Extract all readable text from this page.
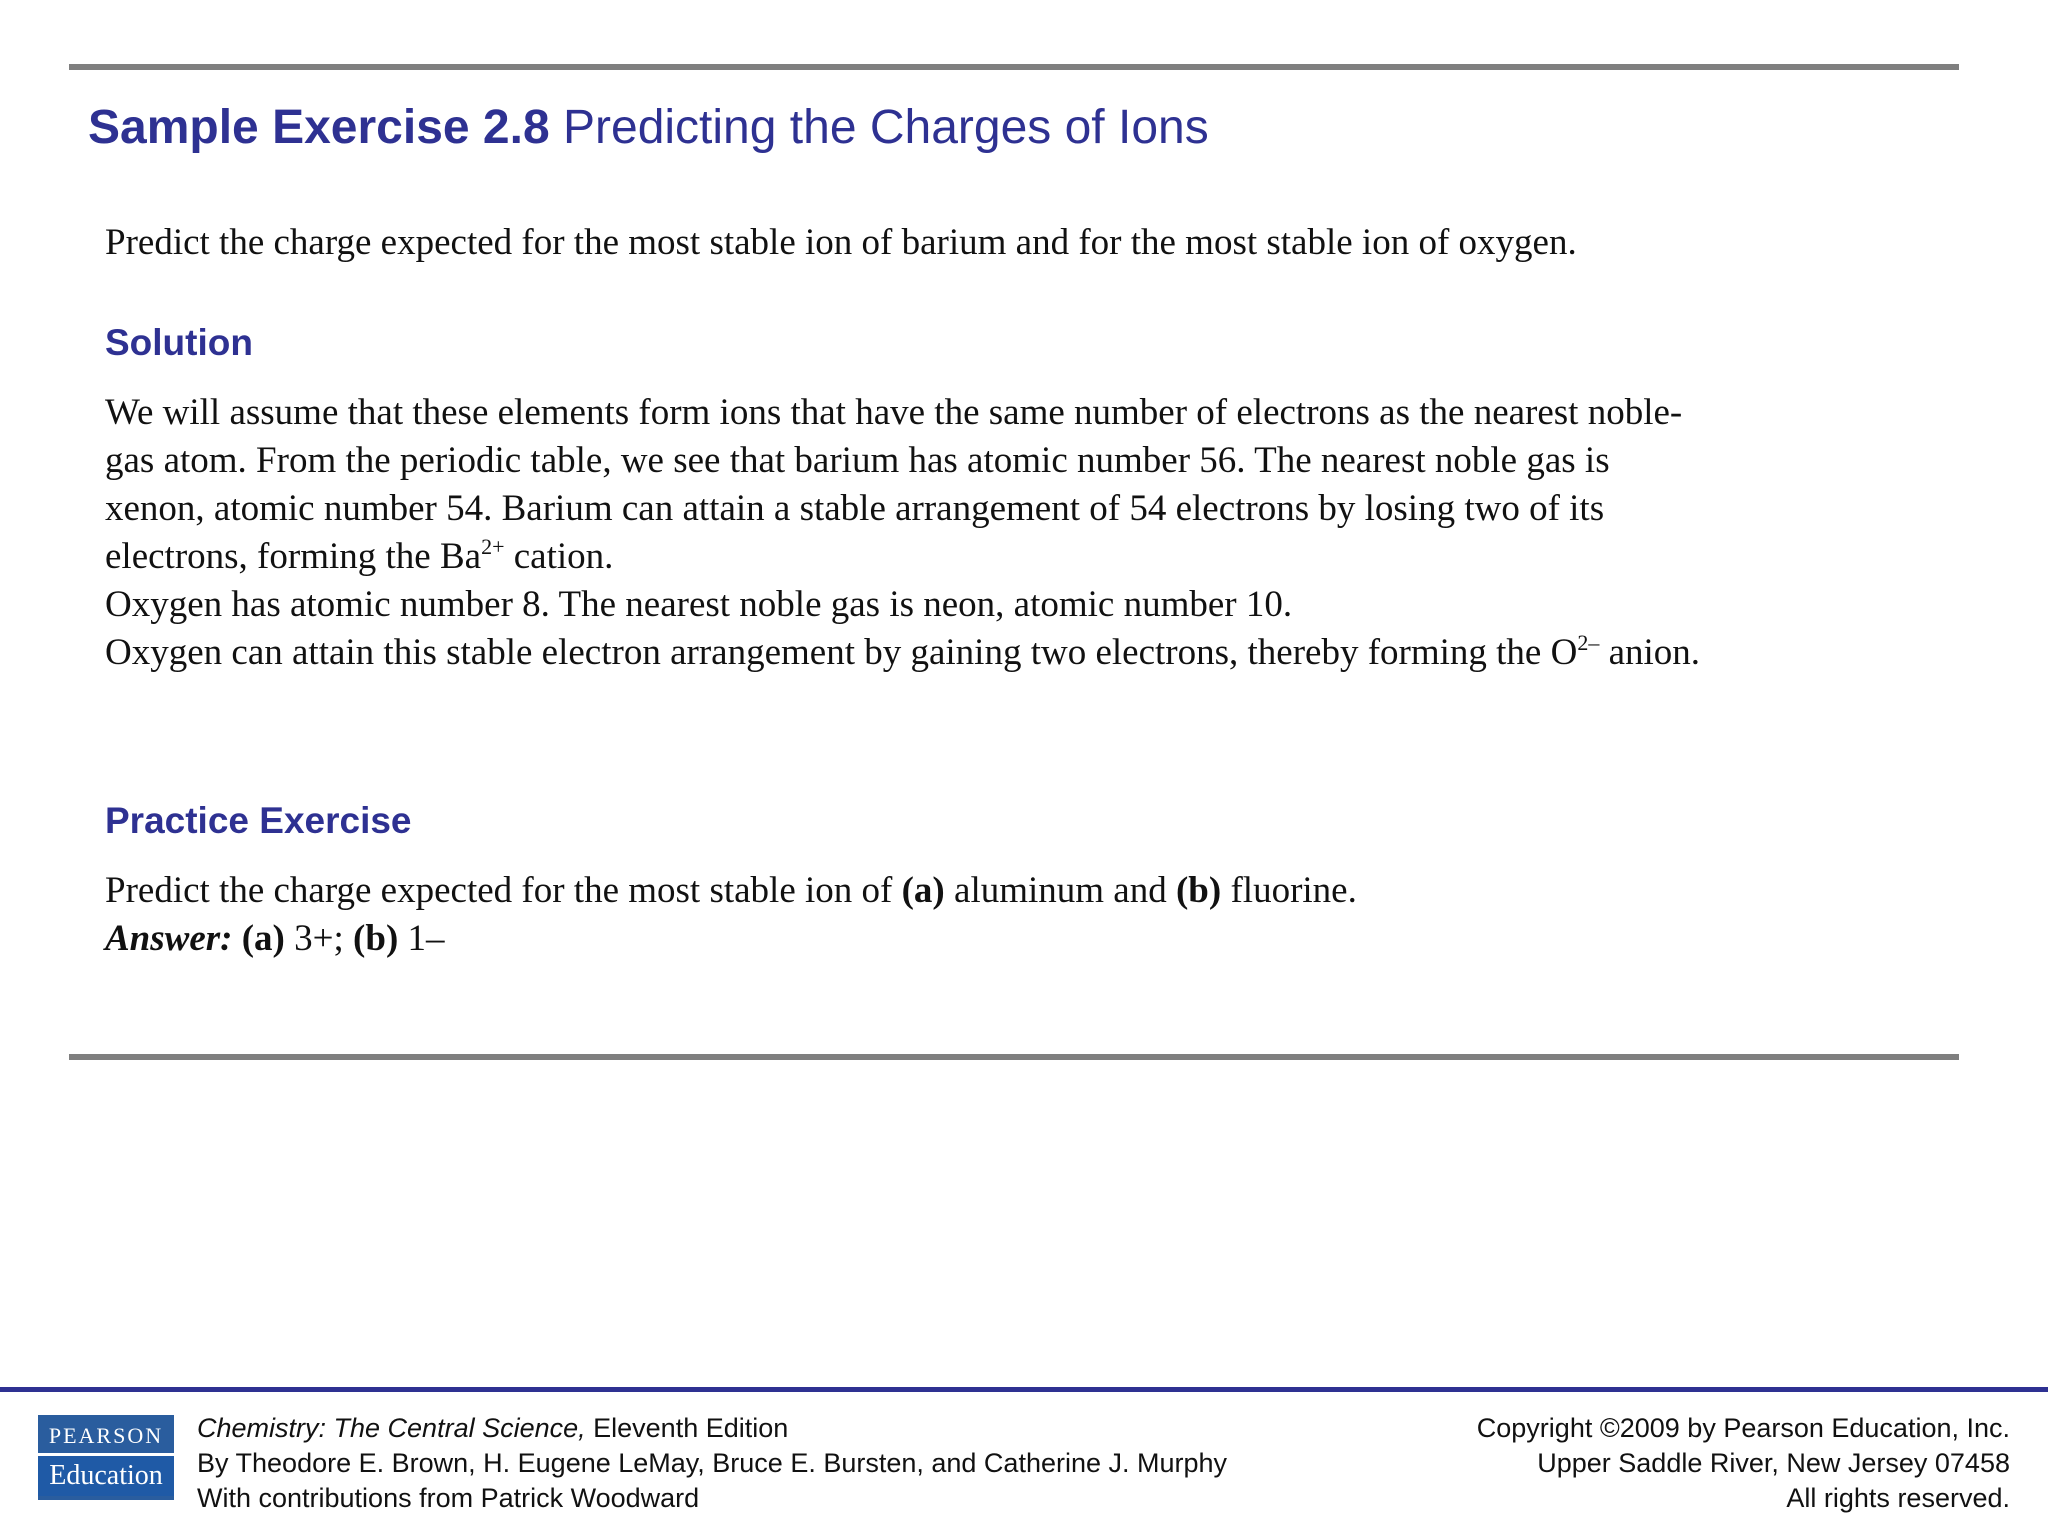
Sample Exercise 2.8 Predicting the Charges of Ions
Predict the charge expected for the most stable ion of barium and for the most stable ion of oxygen.
Solution
We will assume that these elements form ions that have the same number of electrons as the nearest noble-
gas atom. From the periodic table, we see that barium has atomic number 56. The nearest noble gas is
xenon, atomic number 54. Barium can attain a stable arrangement of 54 electrons by losing two of its
electrons, forming the $Ba^{2+}$ cation.
Oxygen has atomic number 8. The nearest noble gas is neon, atomic number 10.
Oxygen can attain this stable electron arrangement by gaining two electrons, thereby forming the $O^{2-}$ anion.
Practice Exercise
Predict the charge expected for the most stable ion of (a) aluminum and (b) fluorine.
Answer: (a) 3+; (b) 1–
PEARSON
Education
Chemistry: The Central Science, Eleventh Edition
By Theodore E. Brown, H. Eugene LeMay, Bruce E. Bursten, and Catherine J. Murphy
With contributions from Patrick Woodward
Copyright ©2009 by Pearson Education, Inc.
Upper Saddle River, New Jersey 07458
All rights reserved.
